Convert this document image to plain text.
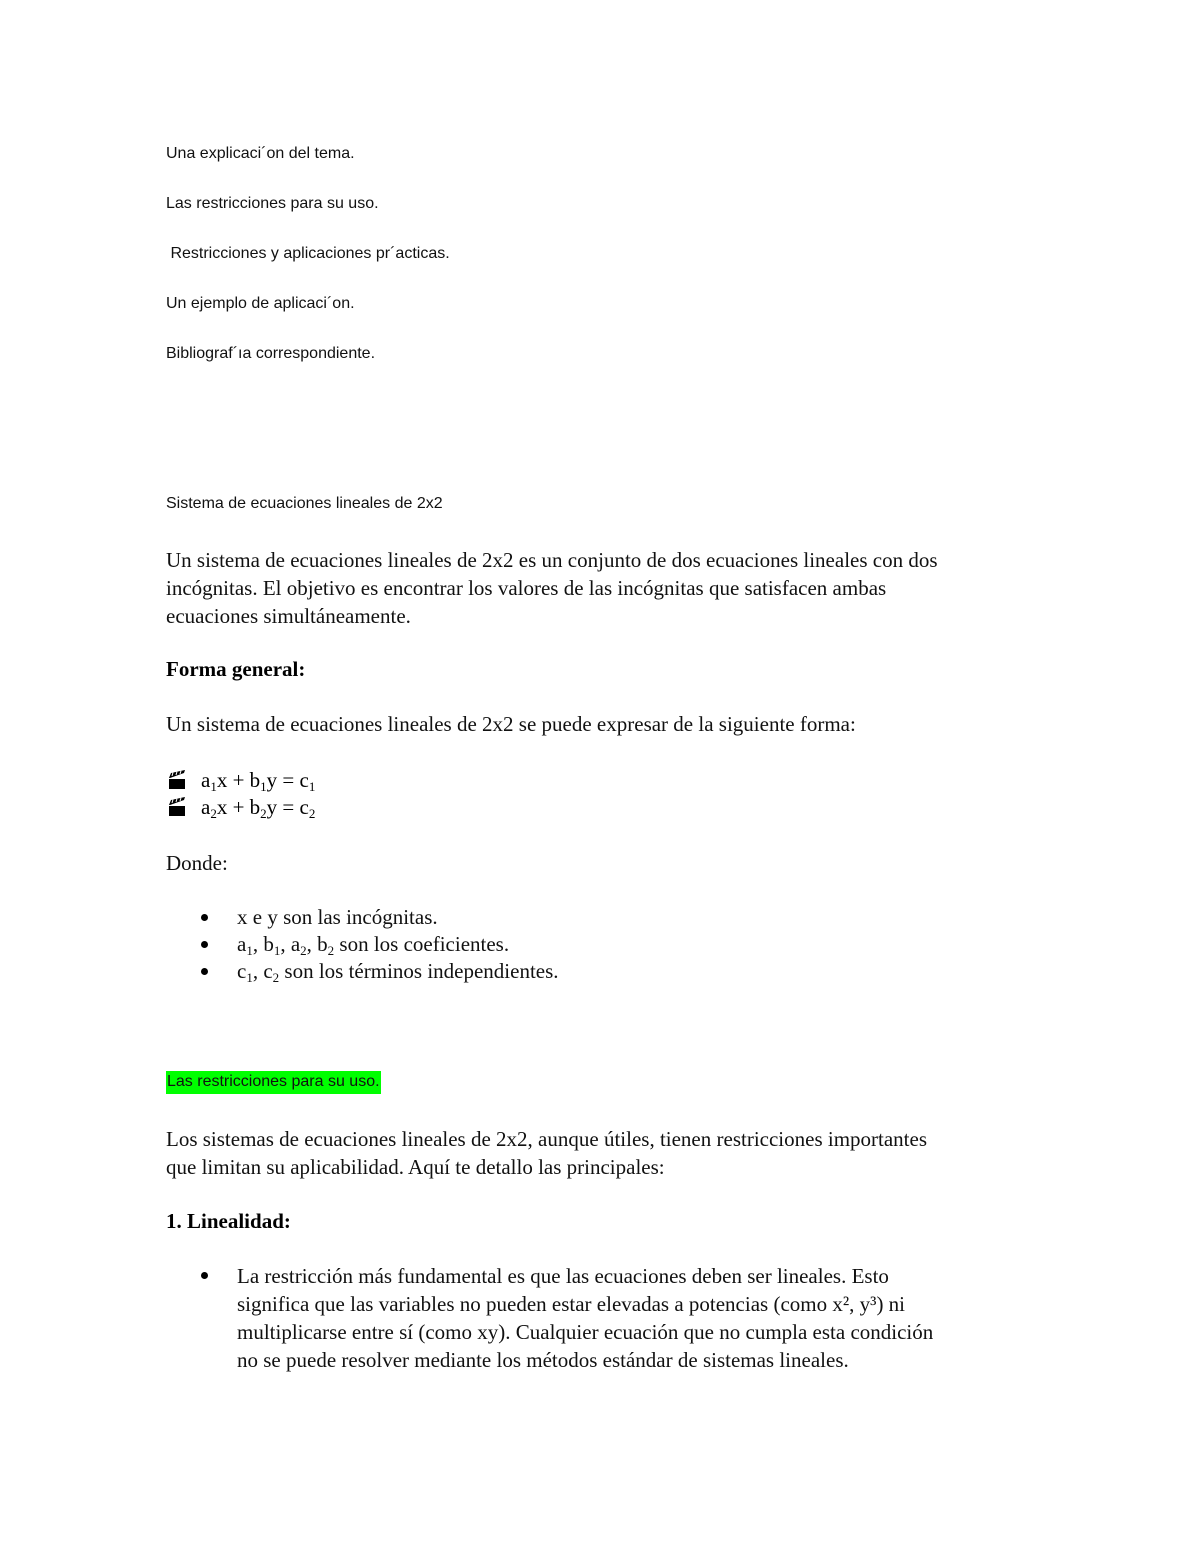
Una explicaci´on del tema.
Las restricciones para su uso.
Restricciones y aplicaciones pr´acticas.
Un ejemplo de aplicaci´on.
Bibliograf´ıa correspondiente.
Sistema de ecuaciones lineales de 2x2

Un sistema de ecuaciones lineales de 2x2 es un conjunto de dos ecuaciones lineales con dos

incógnitas. El objetivo es encontrar los valores de las incógnitas que satisfacen ambas

ecuaciones simultáneamente.

Forma general:
Un sistema de ecuaciones lineales de 2x2 se puede expresar de la siguiente forma:
$a_1x + b_1y = c_1$
$a_2x + b_2y = c_2$
Donde:
x e y son las incógnitas.
$a_1$, $b_1$, $a_2$, $b_2$ son los coeficientes.
$c_1$, $c_2$ son los términos independientes.
Las restricciones para su uso.

Los sistemas de ecuaciones lineales de 2x2, aunque útiles, tienen restricciones importantes

que limitan su aplicabilidad. Aquí te detallo las principales:

1. Linealidad:

La restricción más fundamental es que las ecuaciones deben ser lineales. Esto

significa que las variables no pueden estar elevadas a potencias (como x², y³) ni

multiplicarse entre sí (como xy). Cualquier ecuación que no cumpla esta condición

no se puede resolver mediante los métodos estándar de sistemas lineales.
